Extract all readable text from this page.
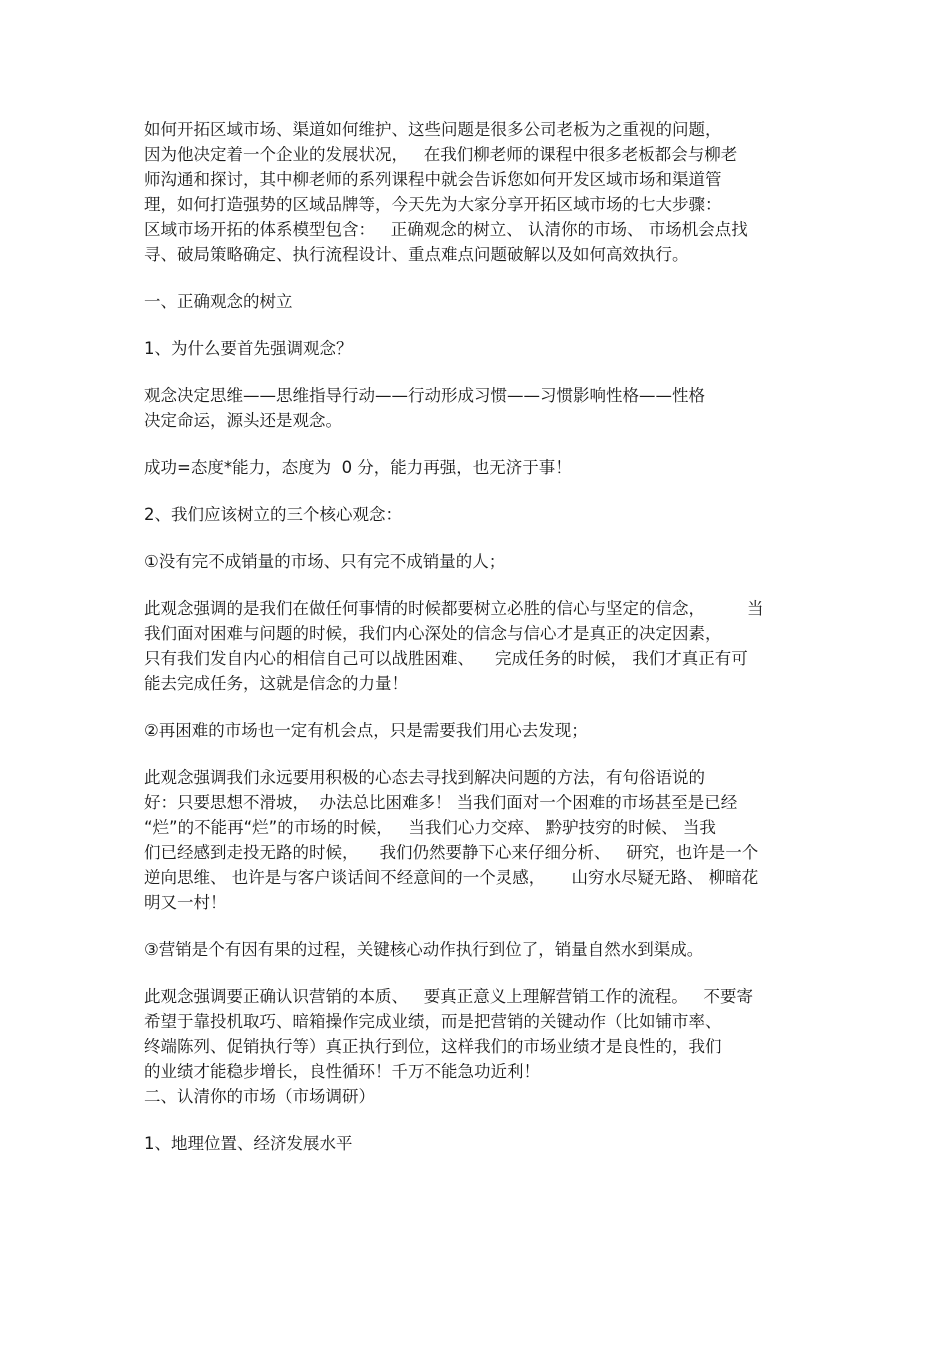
如何开拓区域市场、渠道如何维护、这些问题是很多公司老板为之重视的问题，
因为他决定着一个企业的发展状况，   在我们柳老师的课程中很多老板都会与柳老
师沟通和探讨，其中柳老师的系列课程中就会告诉您如何开发区域市场和渠道管
理，如何打造强势的区域品牌等，今天先为大家分享开拓区域市场的七大步骤：
区域市场开拓的体系模型包含：   正确观念的树立、 认清你的市场、 市场机会点找
寻、破局策略确定、执行流程设计、重点难点问题破解以及如何高效执行。
一、正确观念的树立
1、为什么要首先强调观念？
观念决定思维——思维指导行动——行动形成习惯——习惯影响性格——性格
决定命运，源头还是观念。
成功=态度*能力，态度为  0 分，能力再强，也无济于事！
2、我们应该树立的三个核心观念：
①没有完不成销量的市场、只有完不成销量的人；
此观念强调的是我们在做任何事情的时候都要树立必胜的信心与坚定的信念，        当
我们面对困难与问题的时候，我们内心深处的信念与信心才是真正的决定因素，
只有我们发自内心的相信自己可以战胜困难、    完成任务的时候， 我们才真正有可
能去完成任务，这就是信念的力量！
②再困难的市场也一定有机会点，只是需要我们用心去发现；
此观念强调我们永远要用积极的心态去寻找到解决问题的方法，有句俗语说的
好：只要思想不滑坡，  办法总比困难多！ 当我们面对一个困难的市场甚至是已经
“烂”的不能再“烂”的市场的时候，   当我们心力交瘁、 黔驴技穷的时候、 当我
们已经感到走投无路的时候，    我们仍然要静下心来仔细分析、   研究，也许是一个
逆向思维、 也许是与客户谈话间不经意间的一个灵感，     山穷水尽疑无路、 柳暗花
明又一村！
③营销是个有因有果的过程，关键核心动作执行到位了，销量自然水到渠成。
此观念强调要正确认识营销的本质、   要真正意义上理解营销工作的流程。   不要寄
希望于靠投机取巧、暗箱操作完成业绩，而是把营销的关键动作（比如铺市率、
终端陈列、促销执行等）真正执行到位，这样我们的市场业绩才是良性的，我们
的业绩才能稳步增长，良性循环！千万不能急功近利！
二、认清你的市场（市场调研）
1、地理位置、经济发展水平
